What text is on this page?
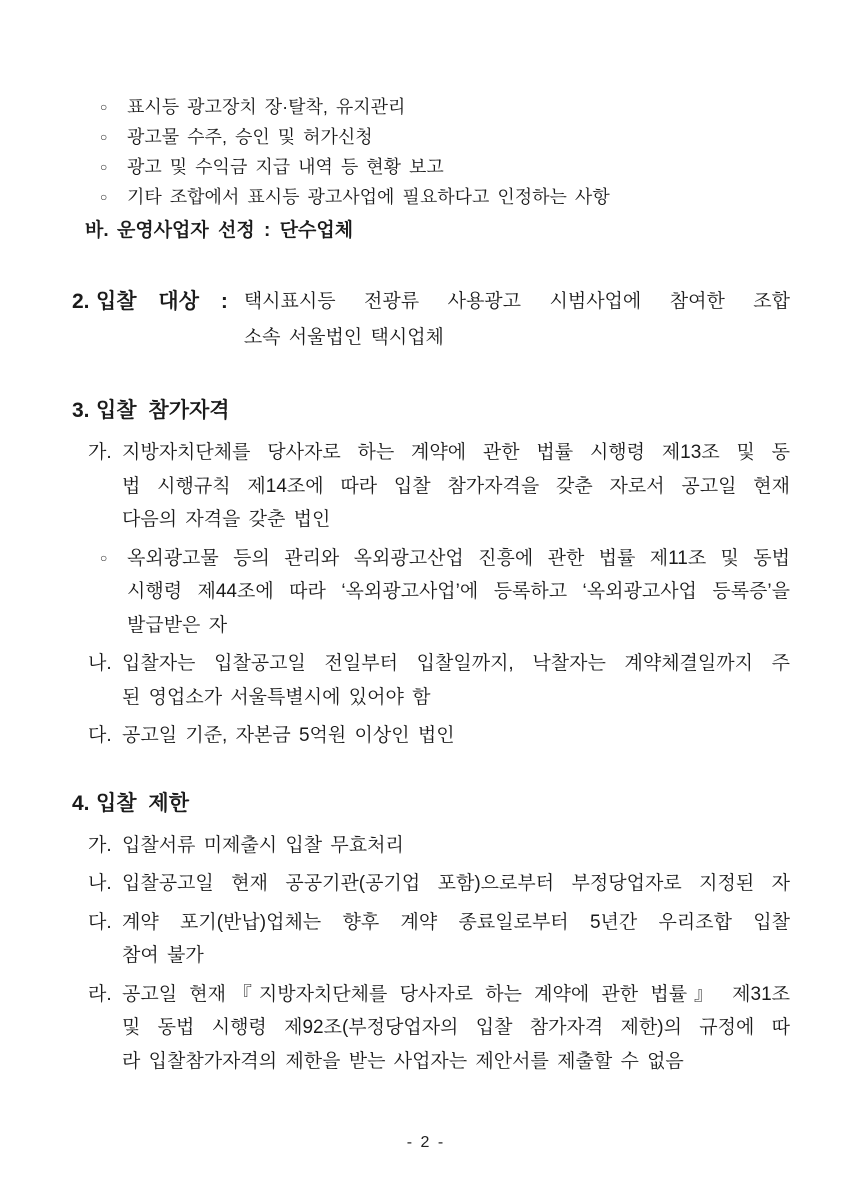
○	표시등 광고장치 장·탈착, 유지관리
○	광고물 수주, 승인 및 허가신청
○	광고 및 수익금 지급 내역 등 현황 보고
○	기타 조합에서 표시등 광고사업에 필요하다고 인정하는 사항
바. 운영사업자 선정 : 단수업체
2. 입찰 대상 : 택시표시등 전광류 사용광고 시범사업에 참여한 조합
소속 서울법인 택시업체
3. 입찰 참가자격
가. 지방자치단체를 당사자로 하는 계약에 관한 법률 시행령 제13조 및 동
법 시행규칙 제14조에 따라 입찰 참가자격을 갖춘 자로서 공고일 현재
다음의 자격을 갖춘 법인
○	옥외광고물 등의 관리와 옥외광고산업 진흥에 관한 법률 제11조 및 동법
시행령 제44조에 따라 ‘옥외광고사업’에 등록하고 ‘옥외광고사업 등록증’을
발급받은 자
나. 입찰자는 입찰공고일 전일부터 입찰일까지, 낙찰자는 계약체결일까지 주
된 영업소가 서울특별시에 있어야 함
다. 공고일 기준, 자본금 5억원 이상인 법인
4. 입찰 제한
가. 입찰서류 미제출시 입찰 무효처리
나. 입찰공고일 현재 공공기관(공기업 포함)으로부터 부정당업자로 지정된 자
다. 계약 포기(반납)업체는 향후 계약 종료일로부터 5년간 우리조합 입찰
참여 불가
라. 공고일 현재『지방자치단체를 당사자로 하는 계약에 관한 법률』 제31조
및 동법 시행령 제92조(부정당업자의 입찰 참가자격 제한)의 규정에 따
라 입찰참가자격의 제한을 받는 사업자는 제안서를 제출할 수 없음
- 2 -
